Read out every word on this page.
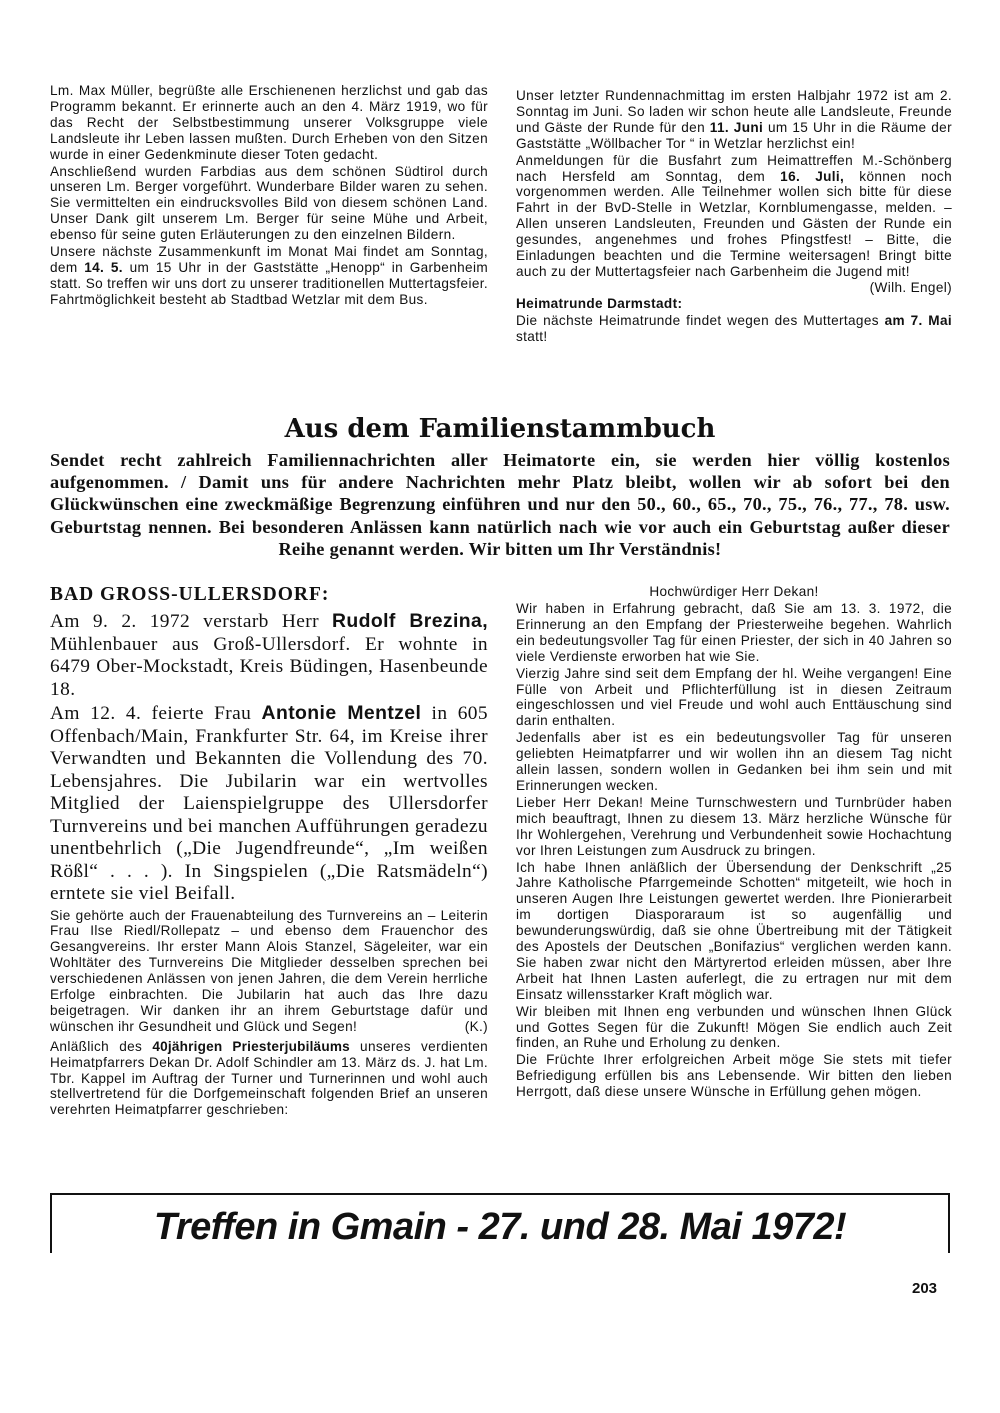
Lm. Max Müller, begrüßte alle Erschienenen herzlichst und gab das Programm bekannt. Er erinnerte auch an den 4. März 1919, wo für das Recht der Selbstbestimmung unserer Volksgruppe viele Landsleute ihr Leben lassen mußten. Durch Erheben von den Sitzen wurde in einer Gedenkminute dieser Toten gedacht.

Anschließend wurden Farbdias aus dem schönen Südtirol durch unseren Lm. Berger vorgeführt. Wunderbare Bilder waren zu sehen. Sie vermittelten ein eindrucksvolles Bild von diesem schönen Land. Unser Dank gilt unserem Lm. Berger für seine Mühe und Arbeit, ebenso für seine guten Erläuterungen zu den einzelnen Bildern.

Unsere nächste Zusammenkunft im Monat Mai findet am Sonntag, dem 14. 5. um 15 Uhr in der Gaststätte „Henopp“ in Garbenheim statt. So treffen wir uns dort zu unserer traditionellen Muttertagsfeier. Fahrtmöglichkeit besteht ab Stadtbad Wetzlar mit dem Bus.

Unser letzter Rundennachmittag im ersten Halbjahr 1972 ist am 2. Sonntag im Juni. So laden wir schon heute alle Landsleute, Freunde und Gäste der Runde für den 11. Juni um 15 Uhr in die Räume der Gaststätte „Wöllbacher Tor “ in Wetzlar herzlichst ein!

Anmeldungen für die Busfahrt zum Heimattreffen M.-Schönberg nach Hersfeld am Sonntag, dem 16. Juli, können noch vorgenommen werden. Alle Teilnehmer wollen sich bitte für diese Fahrt in der BvD-Stelle in Wetzlar, Kornblumengasse, melden. – Allen unseren Landsleuten, Freunden und Gästen der Runde ein gesundes, angenehmes und frohes Pfingstfest! – Bitte, die Einladungen beachten und die Termine weitersagen! Bringt bitte auch zu der Muttertagsfeier nach Garbenheim die Jugend mit!
(Wilh. Engel)

Heimatrunde Darmstadt:

Die nächste Heimatrunde findet wegen des Muttertages am 7. Mai statt!

Aus dem Familienstammbuch
Sendet recht zahlreich Familiennachrichten aller Heimatorte ein, sie werden hier völlig kostenlos aufgenommen. / Damit uns für andere Nachrichten mehr Platz bleibt, wollen wir ab sofort bei den Glückwünschen eine zweckmäßige Begrenzung einführen und nur den 50., 60., 65., 70., 75., 76., 77., 78. usw. Geburtstag nennen. Bei besonderen Anlässen kann natürlich nach wie vor auch ein Geburtstag außer dieser Reihe genannt werden. Wir bitten um Ihr Verständnis!
BAD GROSS-ULLERSDORF:

Am 9. 2. 1972 verstarb Herr Rudolf Brezina, Mühlenbauer aus Groß-Ullersdorf. Er wohnte in 6479 Ober-Mockstadt, Kreis Büdingen, Hasenbeunde 18.

Am 12. 4. feierte Frau Antonie Mentzel in 605 Offenbach/Main, Frankfurter Str. 64, im Kreise ihrer Verwandten und Bekannten die Vollendung des 70. Lebensjahres. Die Jubilarin war ein wertvolles Mitglied der Laienspielgruppe des Ullersdorfer Turnvereins und bei manchen Aufführungen geradezu unentbehrlich („Die Jugendfreunde“, „Im weißen Rößl“ . . . ). In Singspielen („Die Ratsmädeln“) erntete sie viel Beifall.

Sie gehörte auch der Frauenabteilung des Turnvereins an – Leiterin Frau Ilse Riedl/Rollepatz – und ebenso dem Frauenchor des Gesangvereins. Ihr erster Mann Alois Stanzel, Sägeleiter, war ein Wohltäter des Turnvereins Die Mitglieder desselben sprechen bei verschiedenen Anlässen von jenen Jahren, die dem Verein herrliche Erfolge einbrachten. Die Jubilarin hat auch das Ihre dazu beigetragen. Wir danken ihr an ihrem Geburtstage dafür und wünschen ihr Gesundheit und Glück und Segen!	(K.)

Anläßlich des 40jährigen Priesterjubiläums unseres verdienten Heimatpfarrers Dekan Dr. Adolf Schindler am 13. März ds. J. hat Lm. Tbr. Kappel im Auftrag der Turner und Turnerinnen und wohl auch stellvertretend für die Dorfgemeinschaft folgenden Brief an unseren verehrten Heimatpfarrer geschrieben:

Hochwürdiger Herr Dekan!

Wir haben in Erfahrung gebracht, daß Sie am 13. 3. 1972, die Erinnerung an den Empfang der Priesterweihe begehen. Wahrlich ein bedeutungsvoller Tag für einen Priester, der sich in 40 Jahren so viele Verdienste erworben hat wie Sie.

Vierzig Jahre sind seit dem Empfang der hl. Weihe vergangen! Eine Fülle von Arbeit und Pflichterfüllung ist in diesen Zeitraum eingeschlossen und viel Freude und wohl auch Enttäuschung sind darin enthalten.

Jedenfalls aber ist es ein bedeutungsvoller Tag für unseren geliebten Heimatpfarrer und wir wollen ihn an diesem Tag nicht allein lassen, sondern wollen in Gedanken bei ihm sein und mit Erinnerungen wecken.

Lieber Herr Dekan! Meine Turnschwestern und Turnbrüder haben mich beauftragt, Ihnen zu diesem 13. März herzliche Wünsche für Ihr Wohlergehen, Verehrung und Verbundenheit sowie Hochachtung vor Ihren Leistungen zum Ausdruck zu bringen.

Ich habe Ihnen anläßlich der Übersendung der Denkschrift „25 Jahre Katholische Pfarrgemeinde Schotten“ mitgeteilt, wie hoch in unseren Augen Ihre Leistungen gewertet werden. Ihre Pionierarbeit im dortigen Diasporaraum ist so augenfällig und bewunderungswürdig, daß sie ohne Übertreibung mit der Tätigkeit des Apostels der Deutschen „Bonifazius“ verglichen werden kann. Sie haben zwar nicht den Märtyrertod erleiden müssen, aber Ihre Arbeit hat Ihnen Lasten auferlegt, die zu ertragen nur mit dem Einsatz willensstarker Kraft möglich war.

Wir bleiben mit Ihnen eng verbunden und wünschen Ihnen Glück und Gottes Segen für die Zukunft! Mögen Sie endlich auch Zeit finden, an Ruhe und Erholung zu denken.

Die Früchte Ihrer erfolgreichen Arbeit möge Sie stets mit tiefer Befriedigung erfüllen bis ans Lebensende. Wir bitten den lieben Herrgott, daß diese unsere Wünsche in Erfüllung gehen mögen.

Treffen in Gmain - 27. und 28. Mai 1972!
203
